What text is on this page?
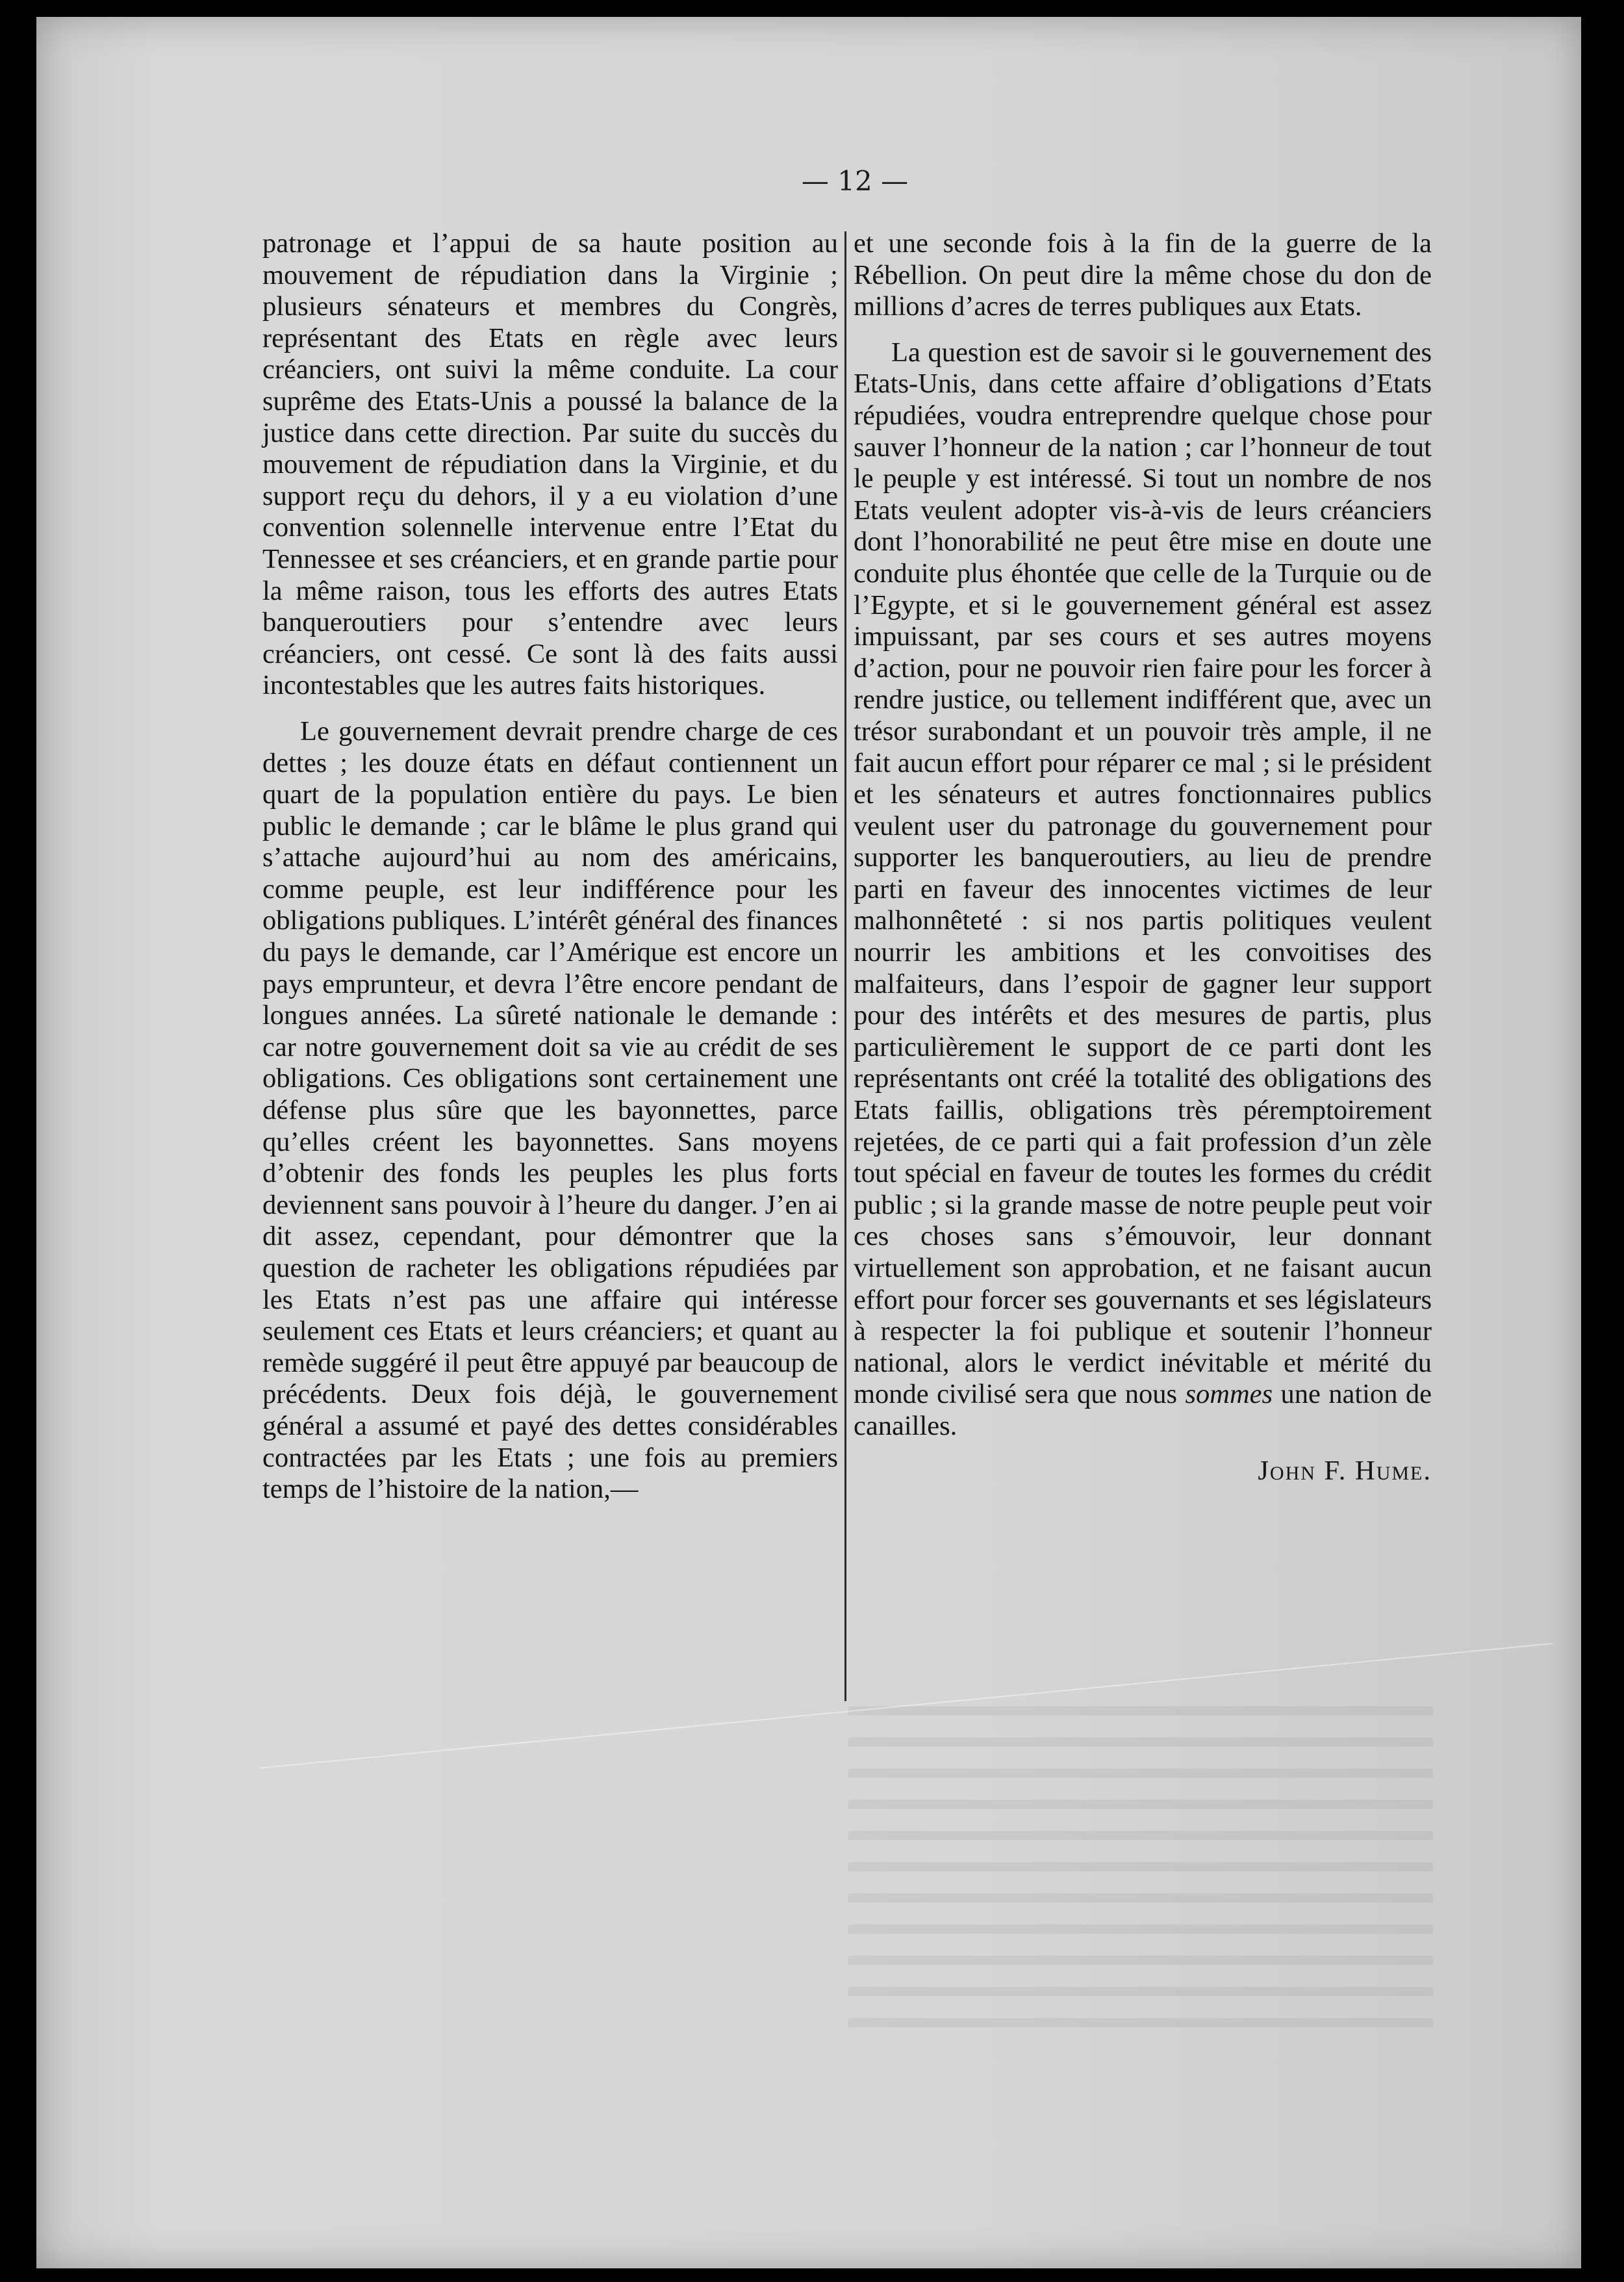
— 12 —

patronage et l’appui de sa haute position au mouvement de répudiation dans la Virginie ; plusieurs sénateurs et membres du Congrès, représentant des Etats en règle avec leurs créanciers, ont suivi la même conduite. La cour suprême des Etats-Unis a poussé la balance de la justice dans cette direction. Par suite du succès du mouvement de répudiation dans la Virginie, et du support reçu du dehors, il y a eu violation d’une convention solennelle intervenue entre l’Etat du Tennessee et ses créanciers, et en grande partie pour la même raison, tous les efforts des autres Etats banqueroutiers pour s’entendre avec leurs créanciers, ont cessé. Ce sont là des faits aussi incontestables que les autres faits historiques.

Le gouvernement devrait prendre charge de ces dettes ; les douze états en défaut contiennent un quart de la population entière du pays. Le bien public le demande ; car le blâme le plus grand qui s’attache aujourd’hui au nom des américains, comme peuple, est leur indifférence pour les obligations publiques. L’intérêt général des finances du pays le demande, car l’Amérique est encore un pays emprunteur, et devra l’être encore pendant de longues années. La sûreté nationale le demande : car notre gouvernement doit sa vie au crédit de ses obligations. Ces obligations sont certainement une défense plus sûre que les bayonnettes, parce qu’elles créent les bayonnettes. Sans moyens d’obtenir des fonds les peuples les plus forts deviennent sans pouvoir à l’heure du danger. J’en ai dit assez, cependant, pour démontrer que la question de racheter les obligations répudiées par les Etats n’est pas une affaire qui intéresse seulement ces Etats et leurs créanciers; et quant au remède suggéré il peut être appuyé par beaucoup de précédents. Deux fois déjà, le gouvernement général a assumé et payé des dettes considérables contractées par les Etats ; une fois au premiers temps de l’histoire de la nation,—

et une seconde fois à la fin de la guerre de la Rébellion. On peut dire la même chose du don de millions d’acres de terres publiques aux Etats.

La question est de savoir si le gouvernement des Etats-Unis, dans cette affaire d’obligations d’Etats répudiées, voudra entreprendre quelque chose pour sauver l’honneur de la nation ; car l’honneur de tout le peuple y est intéressé. Si tout un nombre de nos Etats veulent adopter vis-à-vis de leurs créanciers dont l’honorabilité ne peut être mise en doute une conduite plus éhontée que celle de la Turquie ou de l’Egypte, et si le gouvernement général est assez impuissant, par ses cours et ses autres moyens d’action, pour ne pouvoir rien faire pour les forcer à rendre justice, ou tellement indifférent que, avec un trésor surabondant et un pouvoir très ample, il ne fait aucun effort pour réparer ce mal ; si le président et les sénateurs et autres fonctionnaires publics veulent user du patronage du gouvernement pour supporter les banqueroutiers, au lieu de prendre parti en faveur des innocentes victimes de leur malhonnêteté : si nos partis politiques veulent nourrir les ambitions et les convoitises des malfaiteurs, dans l’espoir de gagner leur support pour des intérêts et des mesures de partis, plus particulièrement le support de ce parti dont les représentants ont créé la totalité des obligations des Etats faillis, obligations très péremptoirement rejetées, de ce parti qui a fait profession d’un zèle tout spécial en faveur de toutes les formes du crédit public ; si la grande masse de notre peuple peut voir ces choses sans s’émouvoir, leur donnant virtuellement son approbation, et ne faisant aucun effort pour forcer ses gouvernants et ses législateurs à respecter la foi publique et soutenir l’honneur national, alors le verdict inévitable et mérité du monde civilisé sera que nous sommes une nation de canailles.

John F. Hume.
